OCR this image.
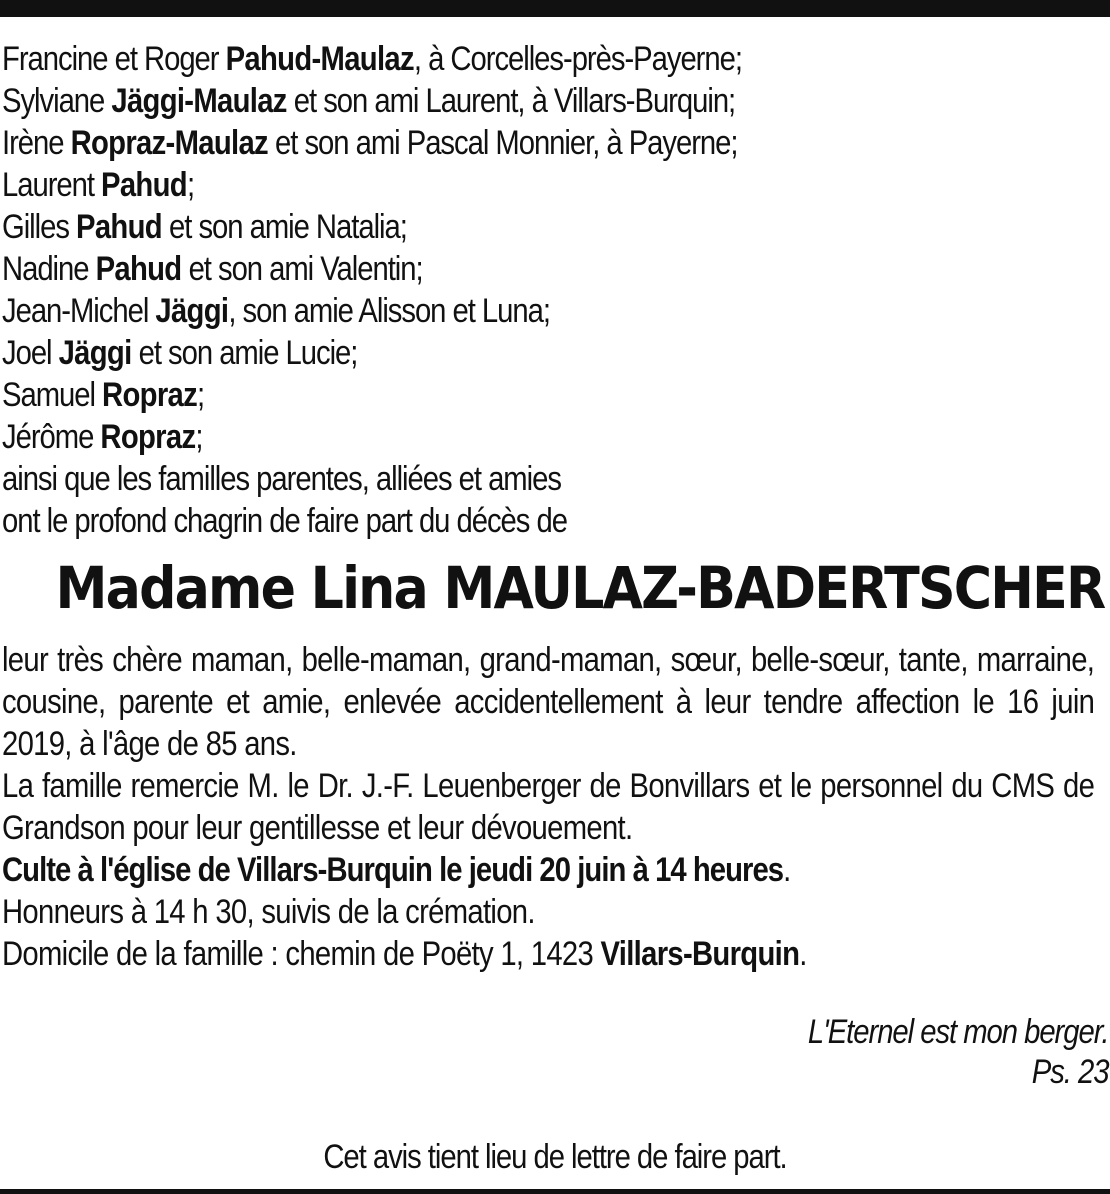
Francine et Roger Pahud-Maulaz, à Corcelles-près-Payerne;
Sylviane Jäggi-Maulaz et son ami Laurent, à Villars-Burquin;
Irène Ropraz-Maulaz et son ami Pascal Monnier, à Payerne;
Laurent Pahud;
Gilles Pahud et son amie Natalia;
Nadine Pahud et son ami Valentin;
Jean-Michel Jäggi, son amie Alisson et Luna;
Joel Jäggi et son amie Lucie;
Samuel Ropraz;
Jérôme Ropraz;
ainsi que les familles parentes, alliées et amies
ont le profond chagrin de faire part du décès de
Madame Lina MAULAZ-BADERTSCHER
leur très chère maman, belle-maman, grand-maman, sœur, belle-sœur, tante, marraine, cousine, parente et amie, enlevée accidentellement à leur tendre affection le 16 juin 2019, à l'âge de 85 ans.
La famille remercie M. le Dr. J.-F. Leuenberger de Bonvillars et le personnel du CMS de Grandson pour leur gentillesse et leur dévouement.
Culte à l'église de Villars-Burquin le jeudi 20 juin à 14 heures.
Honneurs à 14 h 30, suivis de la crémation.
Domicile de la famille : chemin de Poëty 1, 1423 Villars-Burquin.
L'Eternel est mon berger.
Ps. 23
Cet avis tient lieu de lettre de faire part.
